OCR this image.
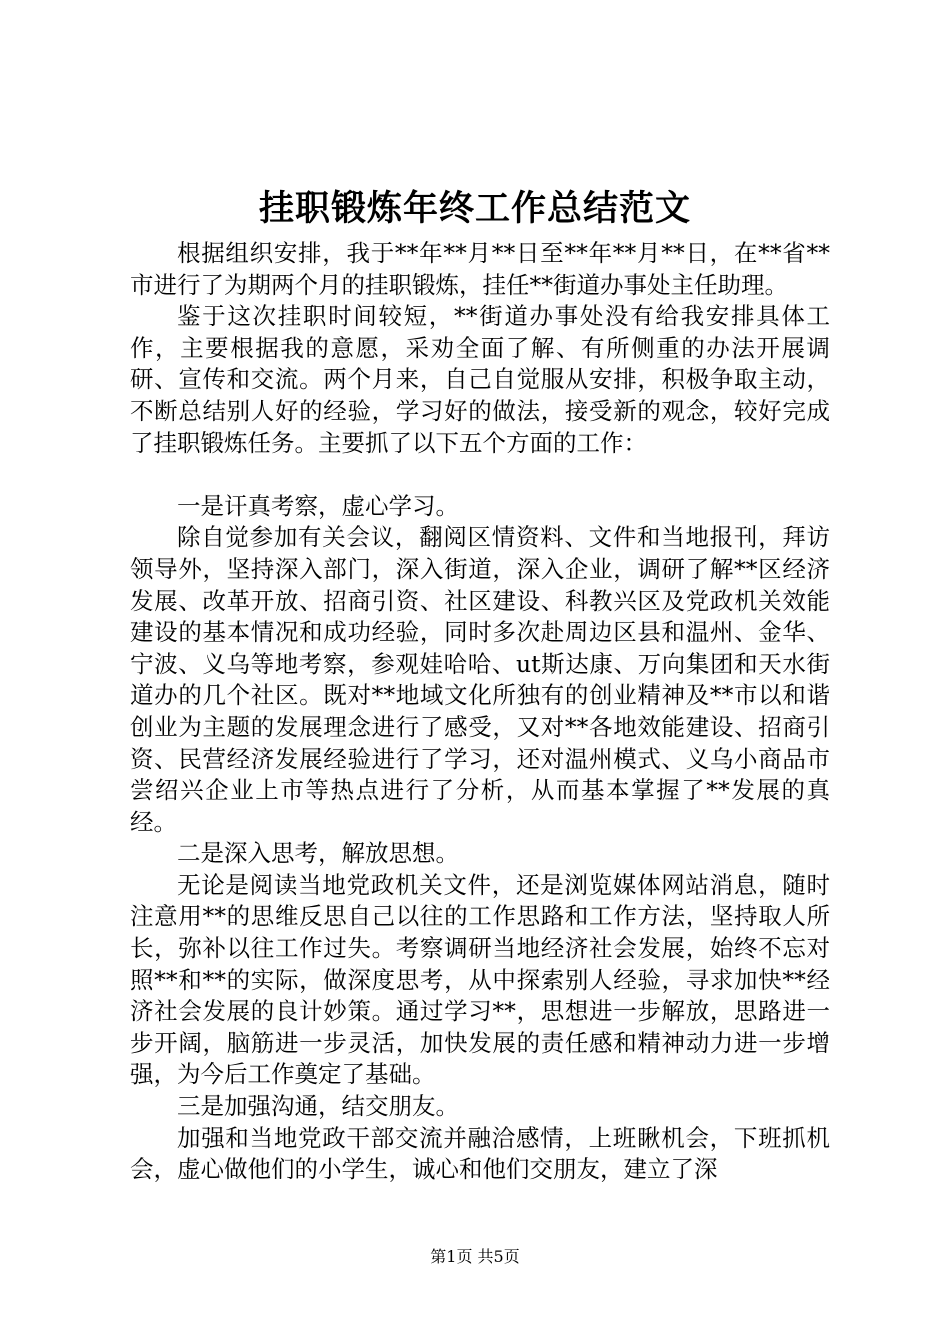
挂职锻炼年终工作总结范文

根据组织安排，我于**年**月**日至**年**月**日，在**省**市进行了为期两个月的挂职锻炼，挂任**街道办事处主任助理。

鉴于这次挂职时间较短，**街道办事处没有给我安排具体工作，主要根据我的意愿，采劝全面了解、有所侧重的办法开展调研、宣传和交流。两个月来，自己自觉服从安排，积极争取主动，不断总结别人好的经验，学习好的做法，接受新的观念，较好完成了挂职锻炼任务。主要抓了以下五个方面的工作：

一是讦真考察，虚心学习。

除自觉参加有关会议，翻阅区情资料、文件和当地报刊，拜访领导外，坚持深入部门，深入街道，深入企业，调研了解**区经济发展、改革开放、招商引资、社区建设、科教兴区及党政机关效能建设的基本情况和成功经验，同时多次赴周边区县和温州、金华、宁波、义乌等地考察，参观娃哈哈、ut斯达康、万向集团和天水街道办的几个社区。既对**地域文化所独有的创业精神及**市以和谐创业为主题的发展理念进行了感受，又对**各地效能建设、招商引资、民营经济发展经验进行了学习，还对温州模式、义乌小商品市尝绍兴企业上市等热点进行了分析，从而基本掌握了**发展的真经。

二是深入思考，解放思想。

无论是阅读当地党政机关文件，还是浏览媒体网站消息，随时注意用**的思维反思自己以往的工作思路和工作方法，坚持取人所长，弥补以往工作过失。考察调研当地经济社会发展，始终不忘对照**和**的实际，做深度思考，从中探索别人经验，寻求加快**经济社会发展的良计妙策。通过学习**，思想进一步解放，思路进一步开阔，脑筋进一步灵活，加快发展的责任感和精神动力进一步增强，为今后工作奠定了基础。

三是加强沟通，结交朋友。

加强和当地党政干部交流并融洽感情，上班瞅机会，下班抓机会，虚心做他们的小学生，诚心和他们交朋友，建立了深

第1页 共5页
